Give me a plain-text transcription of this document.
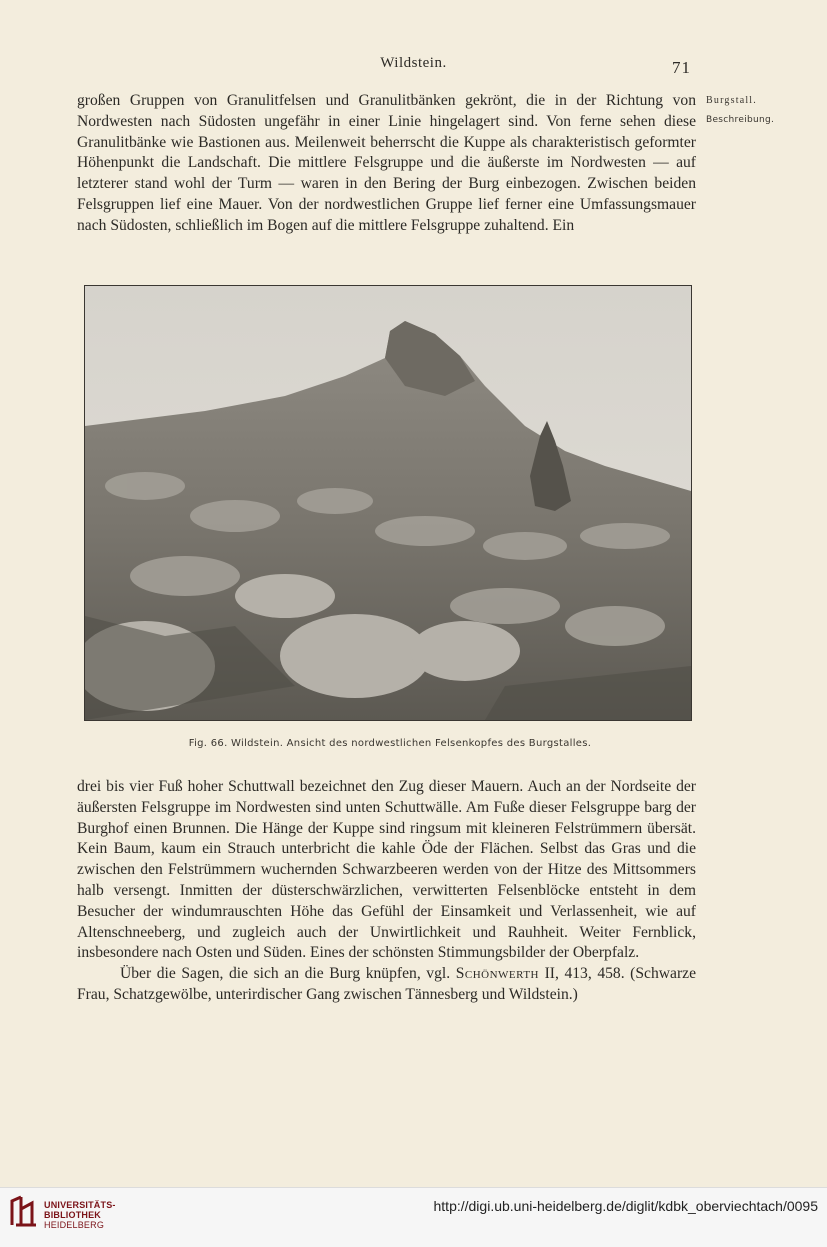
Wildstein.	71
Burgstall.
Beschreibung.

großen Gruppen von Granulitfelsen und Granulitbänken gekrönt, die in der Richtung von Nordwesten nach Südosten ungefähr in einer Linie hingelagert sind. Von ferne sehen diese Granulitbänke wie Bastionen aus. Meilenweit beherrscht die Kuppe als charakteristisch geformter Höhenpunkt die Landschaft. Die mittlere Felsgruppe und die äußerste im Nordwesten — auf letzterer stand wohl der Turm — waren in den Bering der Burg einbezogen. Zwischen beiden Felsgruppen lief eine Mauer. Von der nordwestlichen Gruppe lief ferner eine Umfassungsmauer nach Südosten, schließlich im Bogen auf die mittlere Felsgruppe zuhaltend. Ein

Fig. 66. Wildstein. Ansicht des nordwestlichen Felsenkopfes des Burgstalles.

drei bis vier Fuß hoher Schuttwall bezeichnet den Zug dieser Mauern. Auch an der Nordseite der äußersten Felsgruppe im Nordwesten sind unten Schuttwälle. Am Fuße dieser Felsgruppe barg der Burghof einen Brunnen. Die Hänge der Kuppe sind ringsum mit kleineren Felstrümmern übersät. Kein Baum, kaum ein Strauch unterbricht die kahle Öde der Flächen. Selbst das Gras und die zwischen den Felstrümmern wuchernden Schwarzbeeren werden von der Hitze des Mittsommers halb versengt. Inmitten der düsterschwärzlichen, verwitterten Felsenblöcke entsteht in dem Besucher der windumrauschten Höhe das Gefühl der Einsamkeit und Verlassenheit, wie auf Altenschneeberg, und zugleich auch der Unwirtlichkeit und Rauhheit. Weiter Fernblick, insbesondere nach Osten und Süden. Eines der schönsten Stimmungsbilder der Oberpfalz.

Über die Sagen, die sich an die Burg knüpfen, vgl. Schönwerth II, 413, 458. (Schwarze Frau, Schatzgewölbe, unterirdischer Gang zwischen Tännesberg und Wildstein.)

UNIVERSITÄTS-
BIBLIOTHEK
HEIDELBERG
http://digi.ub.uni-heidelberg.de/diglit/kdbk_oberviechtach/0095
